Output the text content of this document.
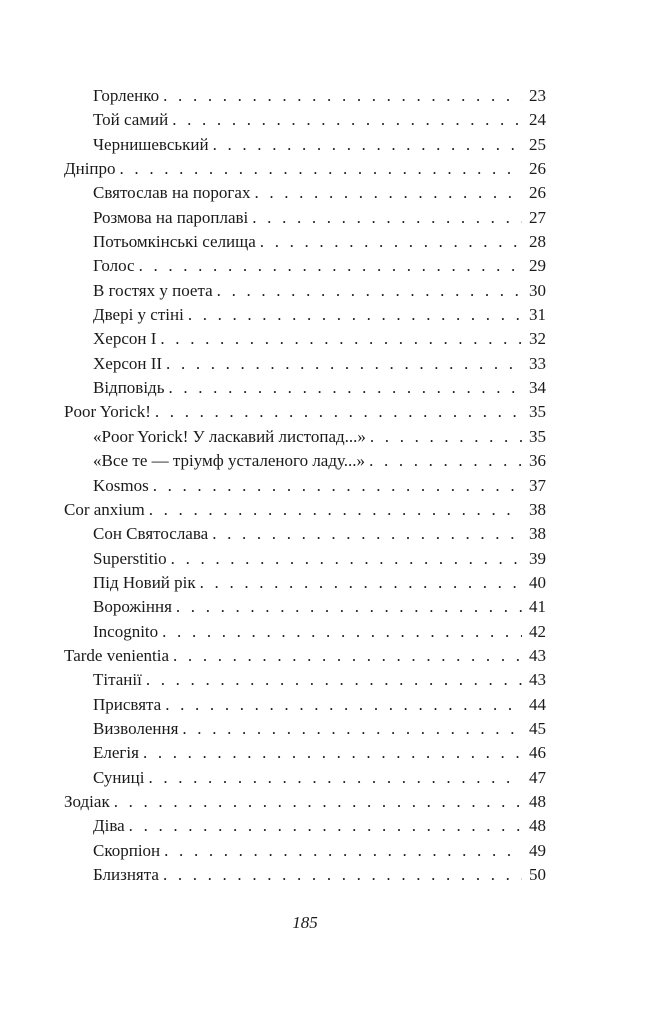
Горленко . . .	23
Той самий . . .	24
Чернишевський . . .	25
Дніпро . . .	26
Святослав на порогах . . .	26
Розмова на пароплаві . . .	27
Потьомкінські селища . . .	28
Голос . . .	29
В гостях у поета . . .	30
Двері у стіні . . .	31
Херсон I . . .	32
Херсон II . . .	33
Відповідь . . .	34
Poor Yorick! . . .	35
«Poor Yorick! У ласкавий листопад...» . . .	35
«Все те — тріумф усталеного ладу...» . . .	36
Kosmos . . .	37
Cor anxium . . .	38
Сон Святослава . . .	38
Superstitio . . .	39
Під Новий рік . . .	40
Ворожіння . . .	41
Incognito . . .	42
Tarde venientia . . .	43
Тітанії . . .	43
Присвята . . .	44
Визволення . . .	45
Елегія . . .	46
Суниці . . .	47
Зодіак . . .	48
Діва . . .	48
Скорпіон . . .	49
Близнята . . .	50
185
